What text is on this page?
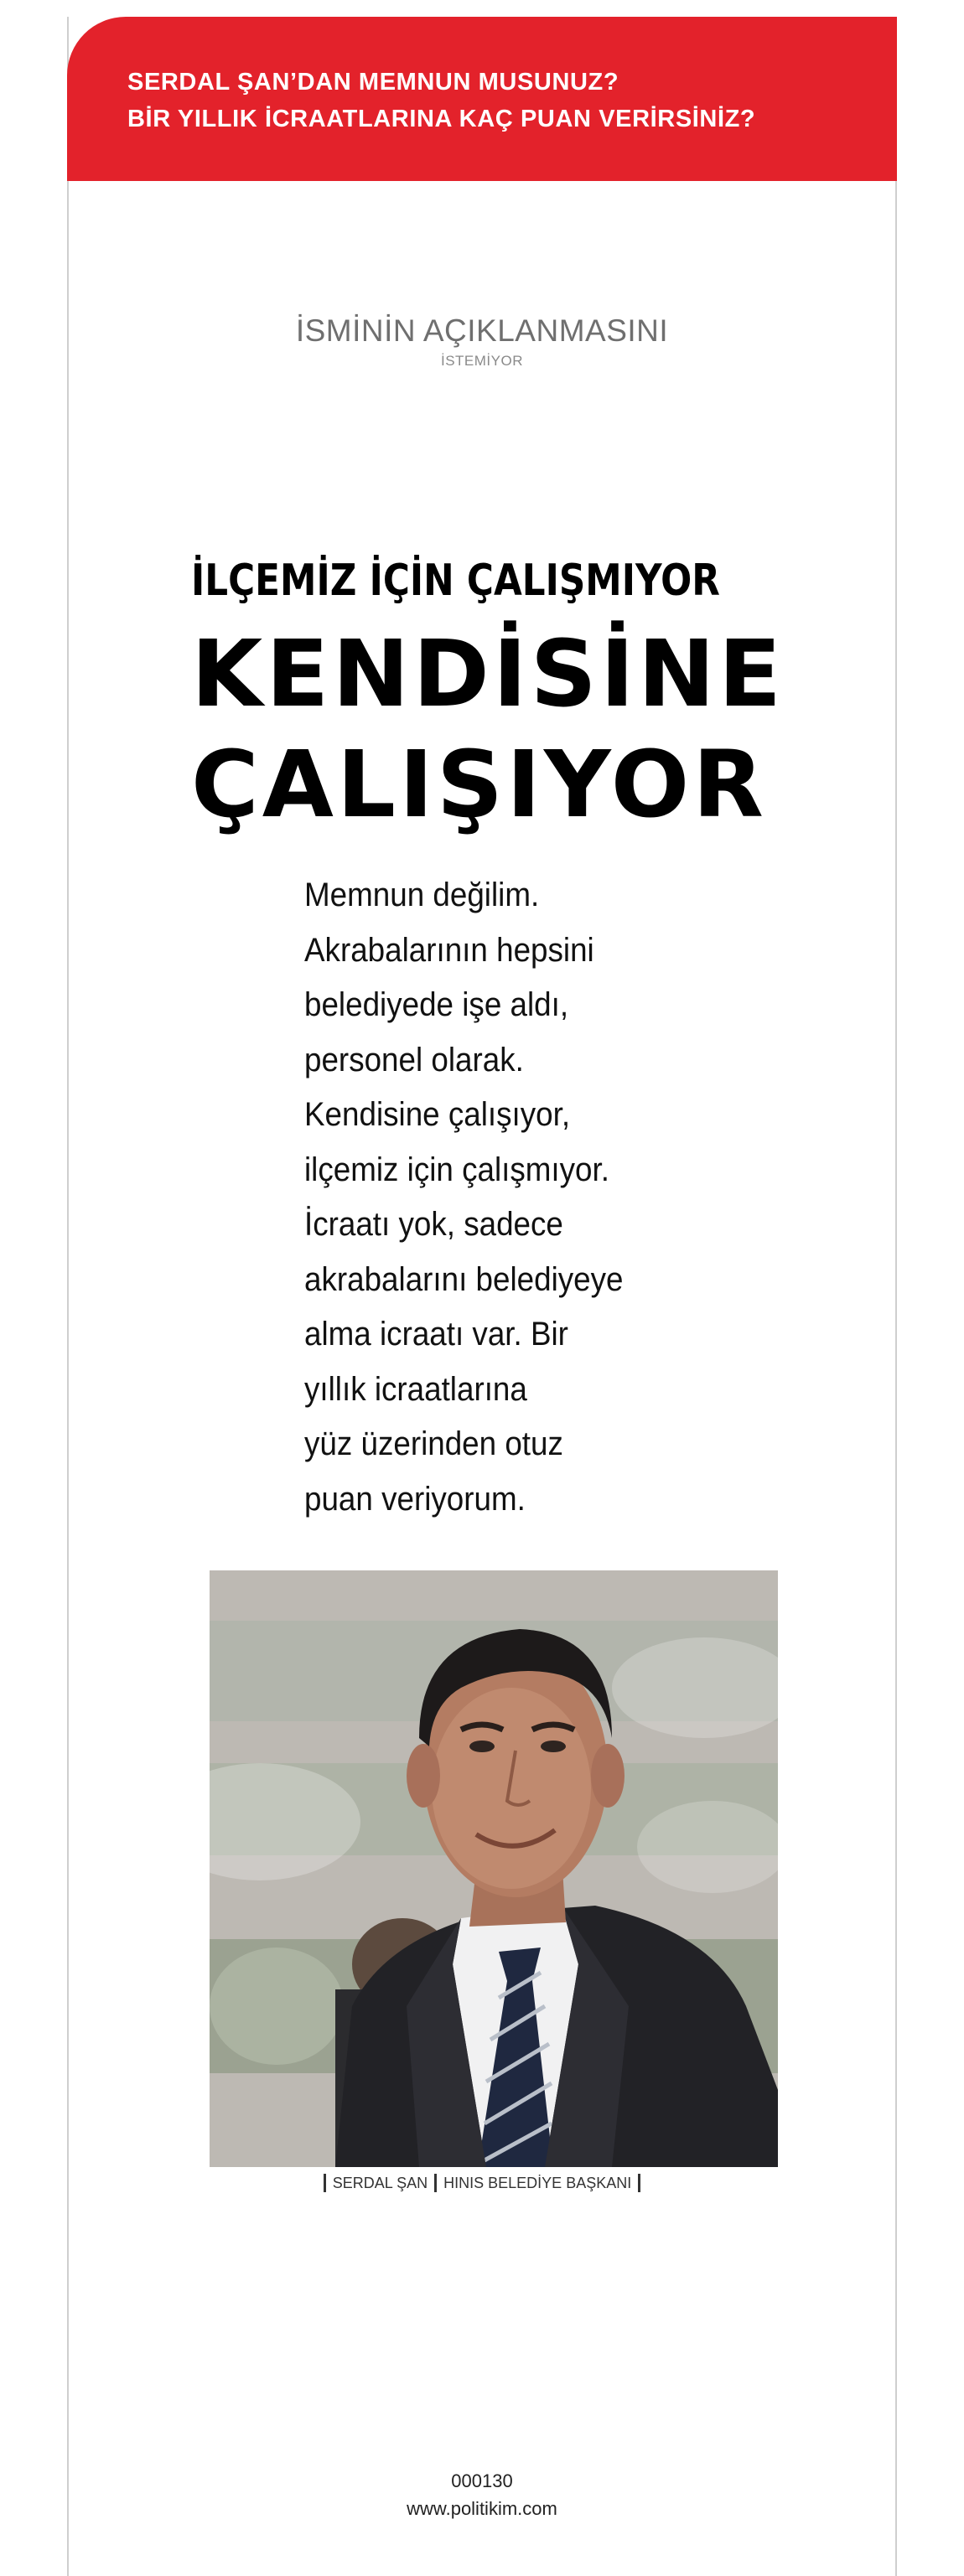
SERDAL ŞAN’DAN MEMNUN MUSUNUZ?
BİR YILLIK İCRAATLARINA KAÇ PUAN VERİRSİNİZ?
İSMİNİN AÇIKLANMASINI
İSTEMİYOR
İLÇEMİZ İÇİN ÇALIŞMIYOR
KENDİSİNE
ÇALIŞIYOR
Memnun değilim.
Akrabalarının hepsini
belediyede işe aldı,
personel olarak.
Kendisine çalışıyor,
ilçemiz için çalışmıyor.
İcraatı yok, sadece
akrabalarını belediyeye
alma icraatı var. Bir
yıllık icraatlarına
yüz üzerinden otuz
puan veriyorum.
SERDAL ŞAN HINIS BELEDİYE BAŞKANI
000130
www.politikim.com
